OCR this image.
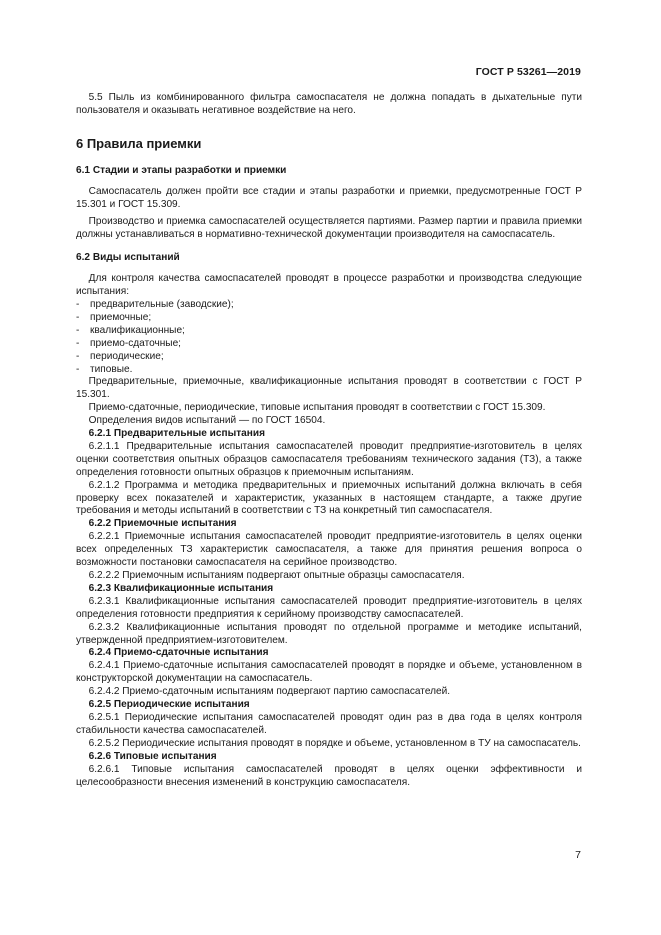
ГОСТ Р 53261—2019

5.5 Пыль из комбинированного фильтра самоспасателя не должна попадать в дыхательные пути пользователя и оказывать негативное воздействие на него.

6 Правила приемки
6.1 Стадии и этапы разработки и приемки

Самоспасатель должен пройти все стадии и этапы разработки и приемки, предусмотренные ГОСТ Р 15.301 и ГОСТ 15.309.

Производство и приемка самоспасателей осуществляется партиями. Размер партии и правила приемки должны устанавливаться в нормативно-технической документации производителя на самоспасатель.

6.2 Виды испытаний

Для контроля качества самоспасателей проводят в процессе разработки и производства следующие испытания:

- предварительные (заводские);
- приемочные;
- квалификационные;
- приемо-сдаточные;
- периодические;
- типовые.

Предварительные, приемочные, квалификационные испытания проводят в соответствии с ГОСТ Р 15.301.

Приемо-сдаточные, периодические, типовые испытания проводят в соответствии с ГОСТ 15.309.

Определения видов испытаний — по ГОСТ 16504.

6.2.1 Предварительные испытания

6.2.1.1 Предварительные испытания самоспасателей проводит предприятие-изготовитель в целях оценки соответствия опытных образцов самоспасателя требованиям технического задания (ТЗ), а также определения готовности опытных образцов к приемочным испытаниям.

6.2.1.2 Программа и методика предварительных и приемочных испытаний должна включать в себя проверку всех показателей и характеристик, указанных в настоящем стандарте, а также другие требования и методы испытаний в соответствии с ТЗ на конкретный тип самоспасателя.

6.2.2 Приемочные испытания

6.2.2.1 Приемочные испытания самоспасателей проводит предприятие-изготовитель в целях оценки всех определенных ТЗ характеристик самоспасателя, а также для принятия решения вопроса о возможности постановки самоспасателя на серийное производство.

6.2.2.2 Приемочным испытаниям подвергают опытные образцы самоспасателя.

6.2.3 Квалификационные испытания

6.2.3.1 Квалификационные испытания самоспасателей проводит предприятие-изготовитель в целях определения готовности предприятия к серийному производству самоспасателей.

6.2.3.2 Квалификационные испытания проводят по отдельной программе и методике испытаний, утвержденной предприятием-изготовителем.

6.2.4 Приемо-сдаточные испытания

6.2.4.1 Приемо-сдаточные испытания самоспасателей проводят в порядке и объеме, установленном в конструкторской документации на самоспасатель.

6.2.4.2 Приемо-сдаточным испытаниям подвергают партию самоспасателей.

6.2.5 Периодические испытания

6.2.5.1 Периодические испытания самоспасателей проводят один раз в два года в целях контроля стабильности качества самоспасателей.

6.2.5.2 Периодические испытания проводят в порядке и объеме, установленном в ТУ на самоспасатель.

6.2.6 Типовые испытания

6.2.6.1 Типовые испытания самоспасателей проводят в целях оценки эффективности и целесообразности внесения изменений в конструкцию самоспасателя.

7
